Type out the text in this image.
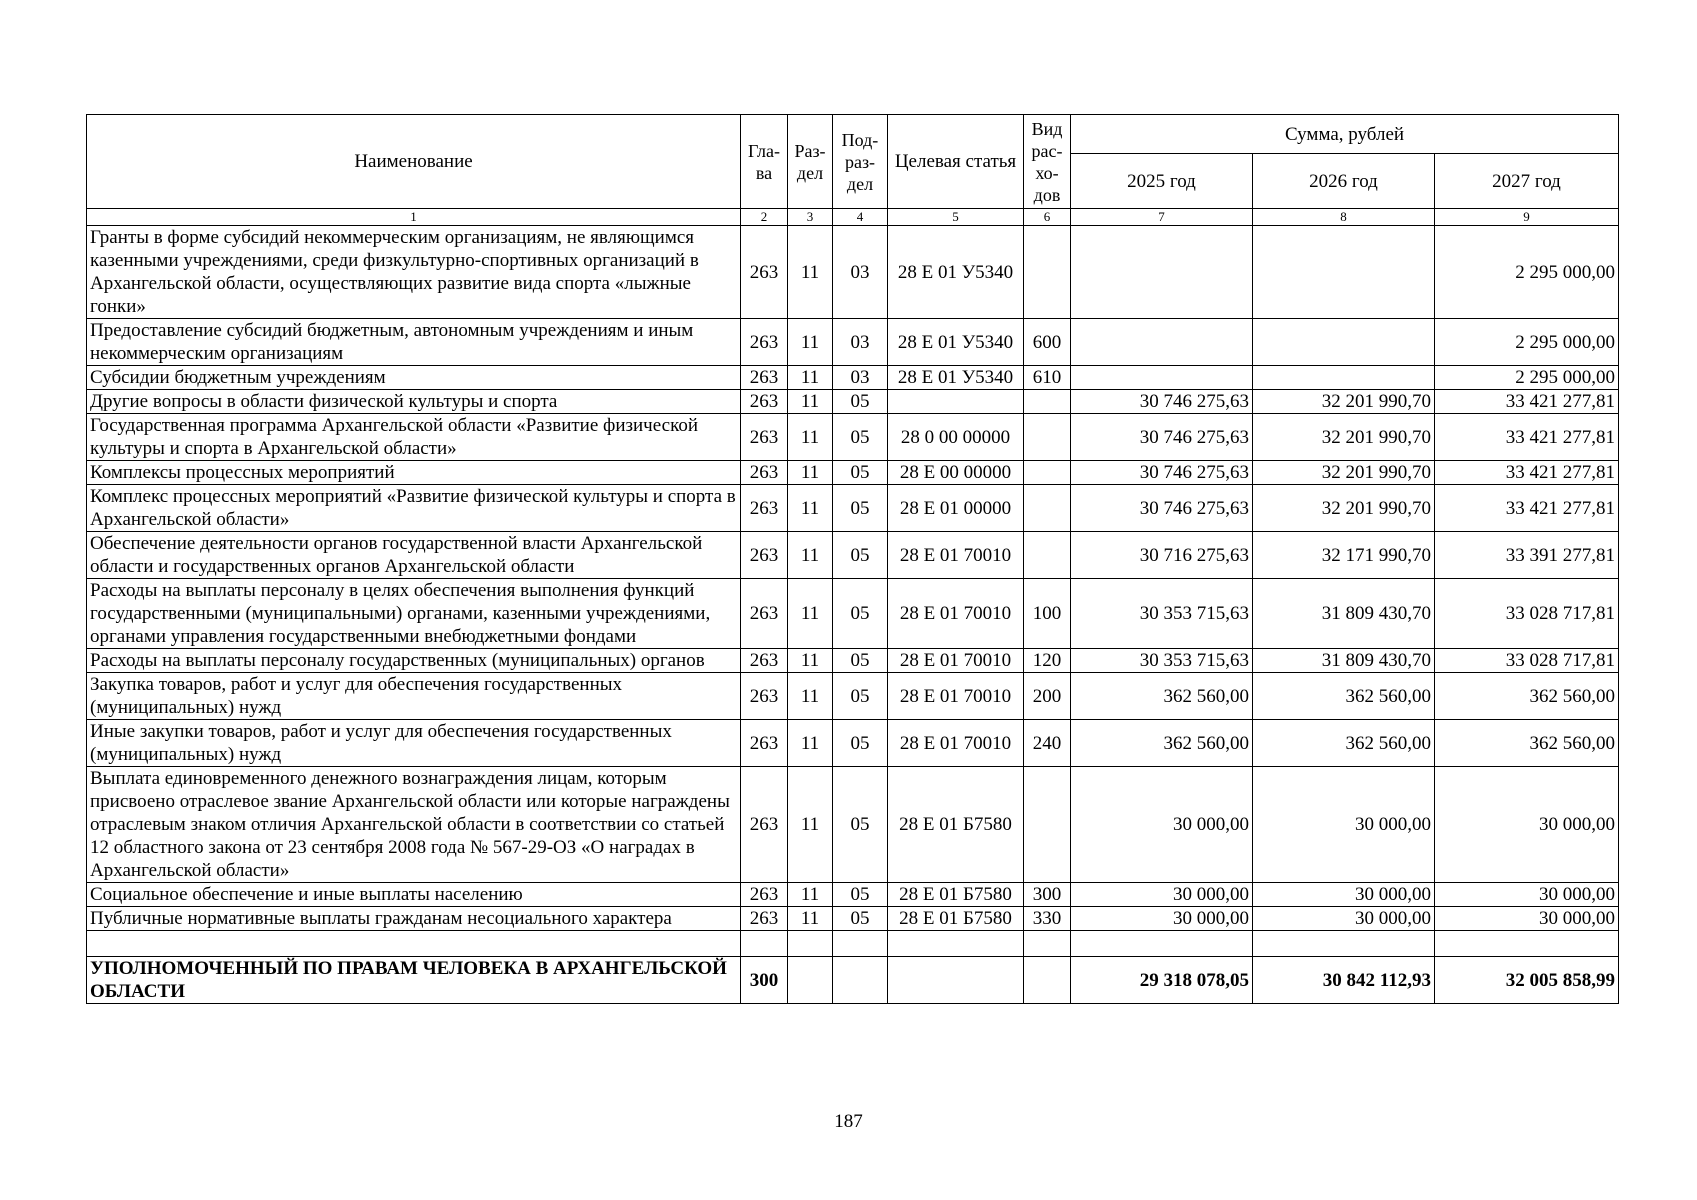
Наименование	Гла-ва	Раз-дел	Под-раз-дел	Целевая статья	Вид рас-хо-дов	Сумма, рублей		
						2025 год	2026 год	2027 год
1	2	3	4	5	6	7	8	9
Гранты в форме субсидий некоммерческим организациям, не являющимся казенными учреждениями, среди физкультурно-спортивных организаций в Архангельской области, осуществляющих развитие вида спорта «лыжные гонки»	263	11	03	28 Е 01 У5340				2 295 000,00
Предоставление субсидий бюджетным, автономным учреждениям и иным некоммерческим организациям	263	11	03	28 Е 01 У5340	600			2 295 000,00
Субсидии бюджетным учреждениям	263	11	03	28 Е 01 У5340	610			2 295 000,00
Другие вопросы в области физической культуры и спорта	263	11	05			30 746 275,63	32 201 990,70	33 421 277,81
Государственная программа Архангельской области «Развитие физической культуры и спорта в Архангельской области»	263	11	05	28 0 00 00000		30 746 275,63	32 201 990,70	33 421 277,81
Комплексы процессных мероприятий	263	11	05	28 Е 00 00000		30 746 275,63	32 201 990,70	33 421 277,81
Комплекс процессных мероприятий «Развитие физической культуры и спорта в Архангельской области»	263	11	05	28 Е 01 00000		30 746 275,63	32 201 990,70	33 421 277,81
Обеспечение деятельности органов государственной власти Архангельской области и государственных органов Архангельской области	263	11	05	28 Е 01 70010		30 716 275,63	32 171 990,70	33 391 277,81
Расходы на выплаты персоналу в целях обеспечения выполнения функций государственными (муниципальными) органами, казенными учреждениями, органами управления государственными внебюджетными фондами	263	11	05	28 Е 01 70010	100	30 353 715,63	31 809 430,70	33 028 717,81
Расходы на выплаты персоналу государственных (муниципальных) органов	263	11	05	28 Е 01 70010	120	30 353 715,63	31 809 430,70	33 028 717,81
Закупка товаров, работ и услуг для обеспечения государственных (муниципальных) нужд	263	11	05	28 Е 01 70010	200	362 560,00	362 560,00	362 560,00
Иные закупки товаров, работ и услуг для обеспечения государственных (муниципальных) нужд	263	11	05	28 Е 01 70010	240	362 560,00	362 560,00	362 560,00
Выплата единовременного денежного вознаграждения лицам, которым присвоено отраслевое звание Архангельской области или которые награждены отраслевым знаком отличия Архангельской области в соответствии со статьей 12 областного закона от 23 сентября 2008 года № 567-29-ОЗ «О наградах в Архангельской области»	263	11	05	28 Е 01 Б7580		30 000,00	30 000,00	30 000,00
Социальное обеспечение и иные выплаты населению	263	11	05	28 Е 01 Б7580	300	30 000,00	30 000,00	30 000,00
Публичные нормативные выплаты гражданам несоциального характера	263	11	05	28 Е 01 Б7580	330	30 000,00	30 000,00	30 000,00

УПОЛНОМОЧЕННЫЙ ПО ПРАВАМ ЧЕЛОВЕКА В АРХАНГЕЛЬСКОЙ ОБЛАСТИ	300					29 318 078,05	30 842 112,93	32 005 858,99
187
